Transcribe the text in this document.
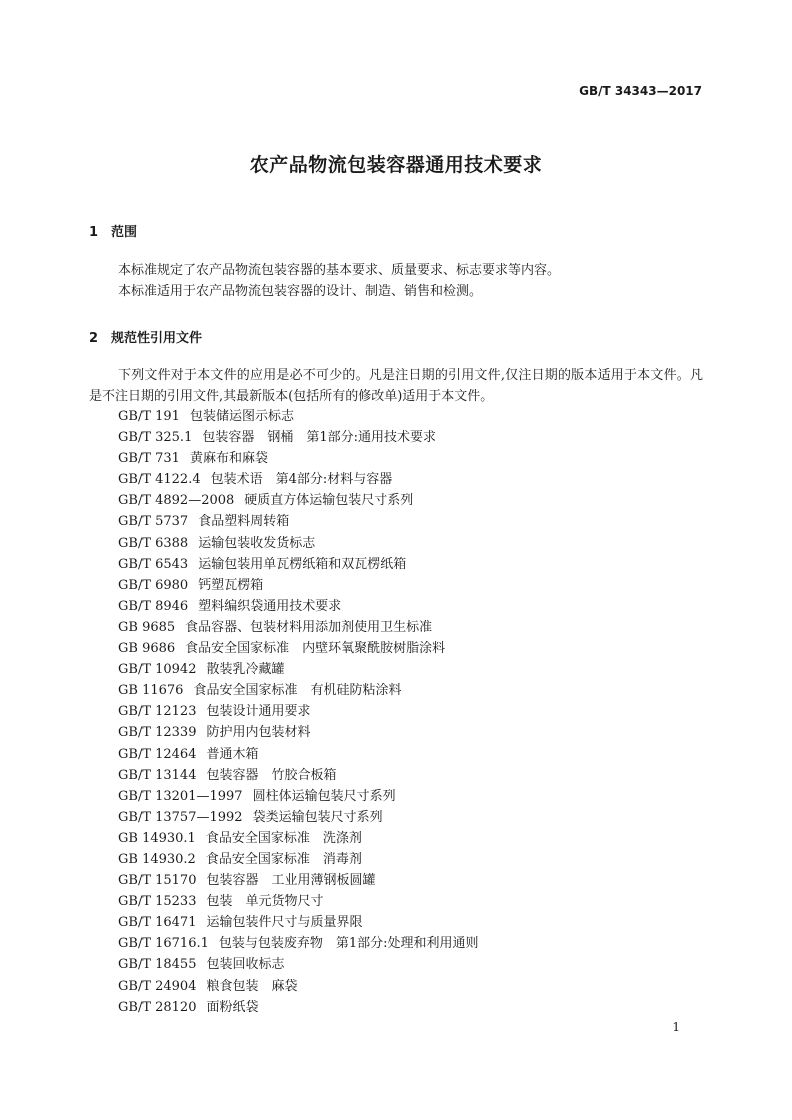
GB/T 34343—2017
农产品物流包装容器通用技术要求
1 范围
本标准规定了农产品物流包装容器的基本要求、质量要求、标志要求等内容。
本标准适用于农产品物流包装容器的设计、制造、销售和检测。
2 规范性引用文件
下列文件对于本文件的应用是必不可少的。凡是注日期的引用文件,仅注日期的版本适用于本文件。凡是不注日期的引用文件,其最新版本(包括所有的修改单)适用于本文件。
GB/T 191 包装储运图示标志
GB/T 325.1 包装容器　钢桶　第1部分:通用技术要求
GB/T 731 黄麻布和麻袋
GB/T 4122.4 包装术语　第4部分:材料与容器
GB/T 4892—2008 硬质直方体运输包装尺寸系列
GB/T 5737 食品塑料周转箱
GB/T 6388 运输包装收发货标志
GB/T 6543 运输包装用单瓦楞纸箱和双瓦楞纸箱
GB/T 6980 钙塑瓦楞箱
GB/T 8946 塑料编织袋通用技术要求
GB 9685 食品容器、包装材料用添加剂使用卫生标准
GB 9686 食品安全国家标准　内壁环氧聚酰胺树脂涂料
GB/T 10942 散装乳冷藏罐
GB 11676 食品安全国家标准　有机硅防粘涂料
GB/T 12123 包装设计通用要求
GB/T 12339 防护用内包装材料
GB/T 12464 普通木箱
GB/T 13144 包装容器　竹胶合板箱
GB/T 13201—1997 圆柱体运输包装尺寸系列
GB/T 13757—1992 袋类运输包装尺寸系列
GB 14930.1 食品安全国家标准　洗涤剂
GB 14930.2 食品安全国家标准　消毒剂
GB/T 15170 包装容器　工业用薄钢板圆罐
GB/T 15233 包装　单元货物尺寸
GB/T 16471 运输包装件尺寸与质量界限
GB/T 16716.1 包装与包装废弃物　第1部分:处理和利用通则
GB/T 18455 包装回收标志
GB/T 24904 粮食包装　麻袋
GB/T 28120 面粉纸袋
1
